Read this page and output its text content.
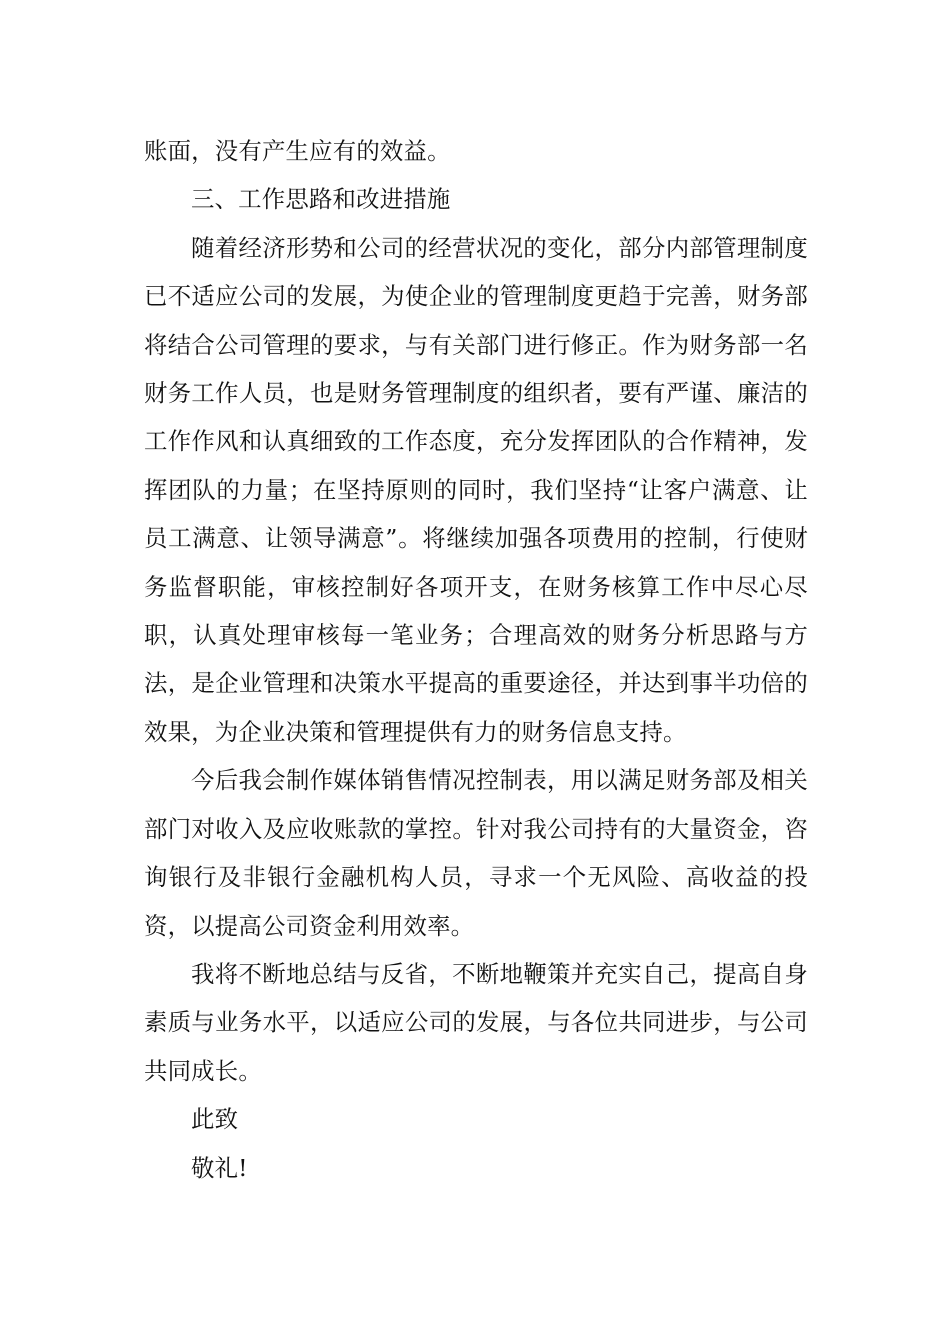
账面，没有产生应有的效益。

三、工作思路和改进措施

随着经济形势和公司的经营状况的变化，部分内部管理制度已不适应公司的发展，为使企业的管理制度更趋于完善，财务部将结合公司管理的要求，与有关部门进行修正。作为财务部一名财务工作人员，也是财务管理制度的组织者，要有严谨、廉洁的工作作风和认真细致的工作态度，充分发挥团队的合作精神，发挥团队的力量；在坚持原则的同时，我们坚持“让客户满意、让员工满意、让领导满意”。将继续加强各项费用的控制，行使财务监督职能，审核控制好各项开支，在财务核算工作中尽心尽职，认真处理审核每一笔业务；合理高效的财务分析思路与方法，是企业管理和决策水平提高的重要途径，并达到事半功倍的效果，为企业决策和管理提供有力的财务信息支持。

今后我会制作媒体销售情况控制表，用以满足财务部及相关部门对收入及应收账款的掌控。针对我公司持有的大量资金，咨询银行及非银行金融机构人员，寻求一个无风险、高收益的投资，以提高公司资金利用效率。

我将不断地总结与反省，不断地鞭策并充实自己，提高自身素质与业务水平，以适应公司的发展，与各位共同进步，与公司共同成长。

此致

敬礼!
